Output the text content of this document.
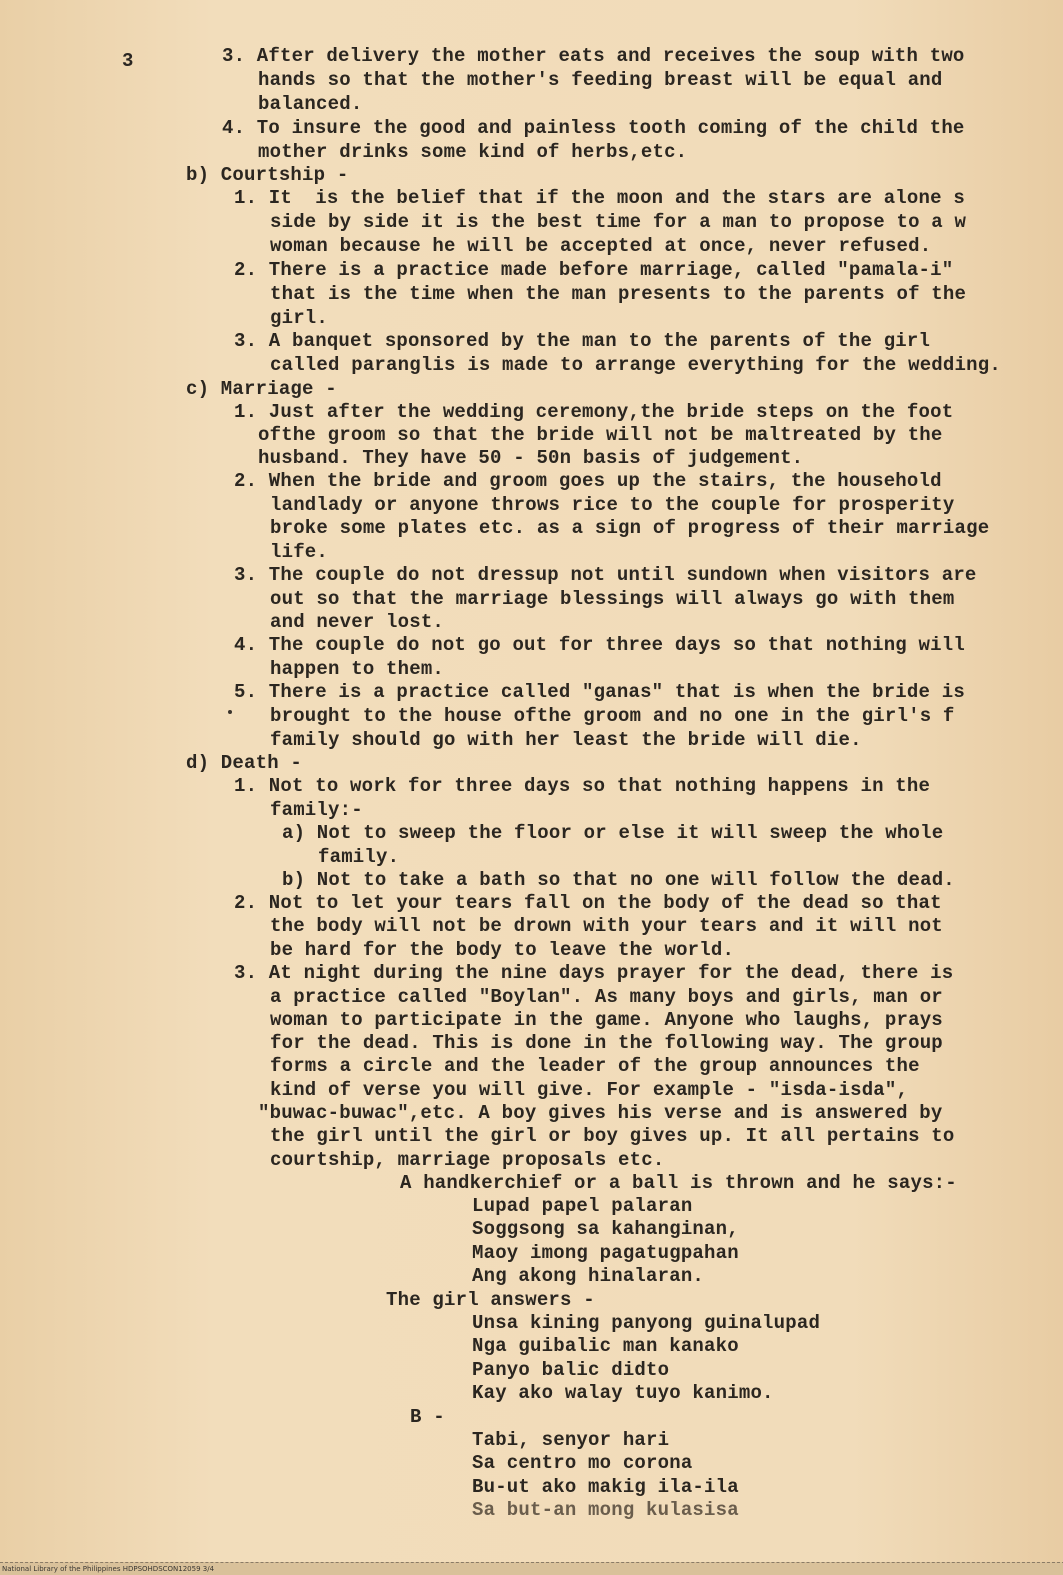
3	3. After delivery the mother eats and receives the soup with two
hands so that the mother's feeding breast will be equal and
balanced.
4. To insure the good and painless tooth coming of the child the
mother drinks some kind of herbs,etc.
b) Courtship -
1. It  is the belief that if the moon and the stars are alone s
side by side it is the best time for a man to propose to a w
woman because he will be accepted at once, never refused.
2. There is a practice made before marriage, called "pamala-i"
that is the time when the man presents to the parents of the
girl.
3. A banquet sponsored by the man to the parents of the girl
called paranglis is made to arrange everything for the wedding.
c) Marriage -
1. Just after the wedding ceremony,the bride steps on the foot
ofthe groom so that the bride will not be maltreated by the
husband. They have 50 - 50n basis of judgement.
2. When the bride and groom goes up the stairs, the household
landlady or anyone throws rice to the couple for prosperity
broke some plates etc. as a sign of progress of their marriage
life.
3. The couple do not dressup not until sundown when visitors are
out so that the marriage blessings will always go with them
and never lost.
4. The couple do not go out for three days so that nothing will
happen to them.
5. There is a practice called "ganas" that is when the bride is
brought to the house ofthe groom and no one in the girl's f
family should go with her least the bride will die.
d) Death -
1. Not to work for three days so that nothing happens in the
family:-
a) Not to sweep the floor or else it will sweep the whole
family.
b) Not to take a bath so that no one will follow the dead.
2. Not to let your tears fall on the body of the dead so that
the body will not be drown with your tears and it will not
be hard for the body to leave the world.
3. At night during the nine days prayer for the dead, there is
a practice called "Boylan". As many boys and girls, man or
woman to participate in the game. Anyone who laughs, prays
for the dead. This is done in the following way. The group
forms a circle and the leader of the group announces the
kind of verse you will give. For example - "isda-isda",
"buwac-buwac",etc. A boy gives his verse and is answered by
the girl until the girl or boy gives up. It all pertains to
courtship, marriage proposals etc.
A handkerchief or a ball is thrown and he says:-
Lupad papel palaran
Soggsong sa kahanginan,
Maoy imong pagatugpahan
Ang akong hinalaran.
The girl answers -
Unsa kining panyong guinalupad
Nga guibalic man kanako
Panyo balic didto
Kay ako walay tuyo kanimo.
B -
Tabi, senyor hari
Sa centro mo corona
Bu-ut ako makig ila-ila
Sa but-an mong kulasisa
National Library of the Philippines HDPSOHDSCON12059 3/4
